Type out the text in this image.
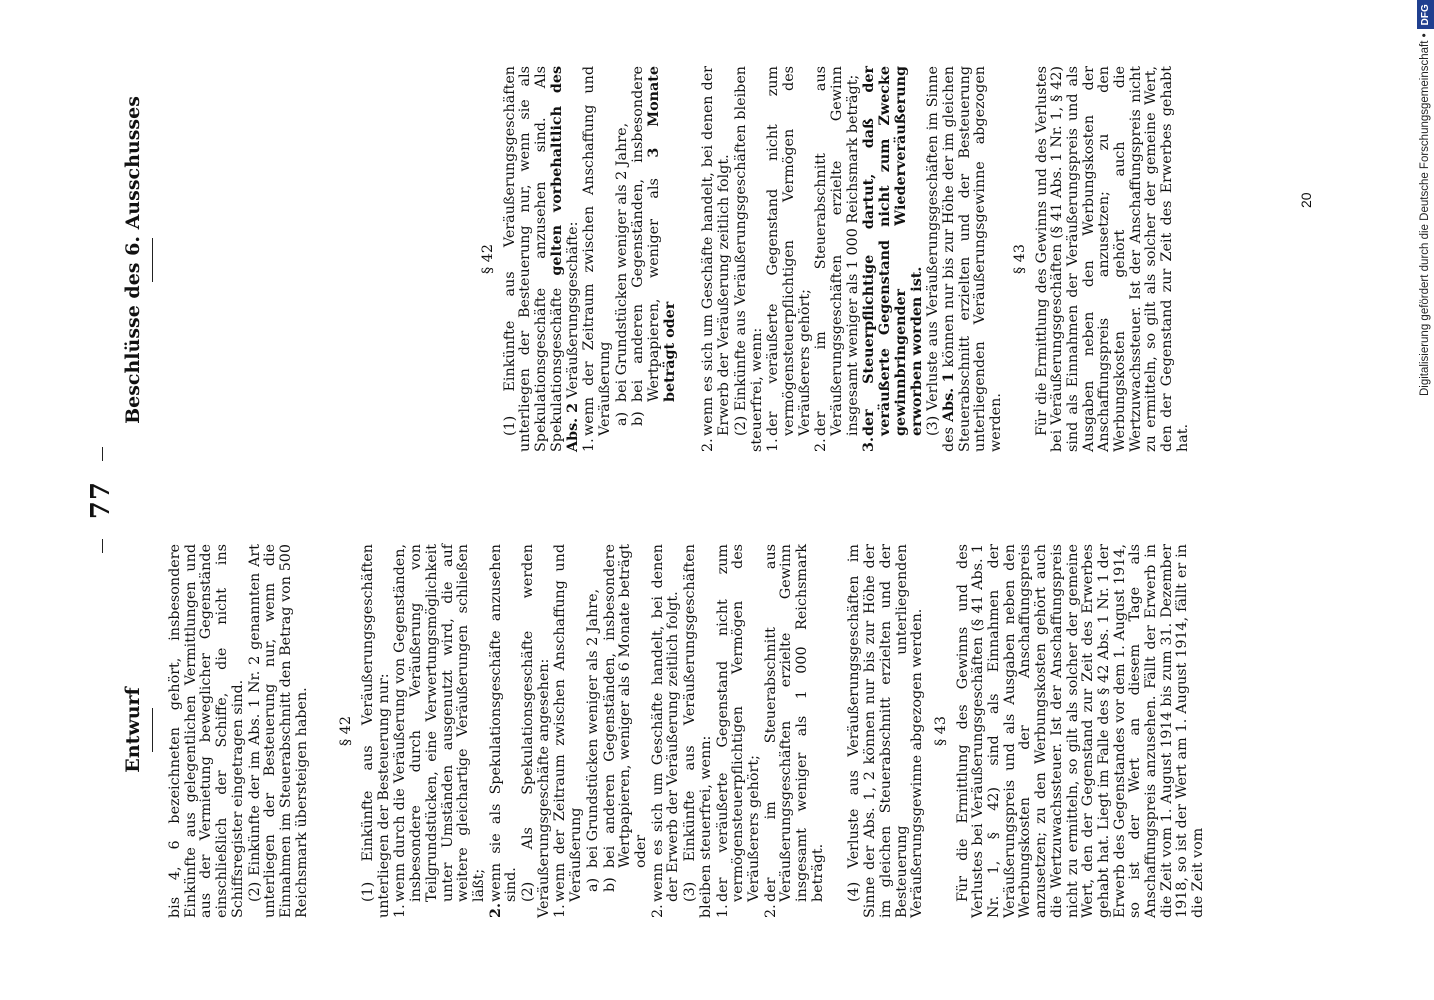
77
Entwurf	bis 4, 6 bezeichneten gehört, insbesondere Einkünfte aus gelegentlichen Vermittlungen und aus der Vermietung beweglicher Gegenstände einschließlich der Schiffe, die nicht ins Schiffsregister eingetragen sind. (2) Einkünfte der im Abs. 1 Nr. 2 genannten Art unterliegen der Besteuerung nur, wenn die Einnahmen im Steuerabschnitt den Betrag von 500 Reichsmark übersteigen haben. § 42 (1) Einkünfte aus Veräußerungsgeschäften unterliegen der Besteuerung nur: 1.
wenn durch die Veräußerung von Gegenständen, insbesondere durch Veräußerung von Teilgrundstücken, eine Verwertungsmöglichkeit unter Umständen ausgenutzt wird, die auf weitere gleichartige Veräußerungen schließen läßt;

2.
wenn sie als Spekulationsgeschäfte anzusehen sind. (2) Als Spekulationsgeschäfte werden Veräußerungsgeschäfte angesehen: 1.
wenn der Zeitraum zwischen Anschaffung und Veräußerung a)
bei Grundstücken weniger als 2 Jahre,

b)
bei anderen Gegenständen, insbesondere Wertpapieren, weniger als 6 Monate beträgt oder

2.
wenn es sich um Geschäfte handelt, bei denen der Erwerb der Veräußerung zeitlich folgt. (3) Einkünfte aus Veräußerungsgeschäften bleiben steuerfrei, wenn: 1.
der veräußerte Gegenstand nicht zum vermögensteuerpflichtigen Vermögen des Veräußerers gehört;

2.
der im Steuerabschnitt aus Veräußerungsgeschäften erzielte Gewinn insgesamt weniger als 1 000 Reichsmark beträgt. (4) Verluste aus Veräußerungsgeschäften im Sinne der Abs. 1, 2 können nur bis zur Höhe der im gleichen Steuerabschnitt erzielten und der Besteuerung unterliegenden Veräußerungsgewinne abgezogen werden. § 43 Für die Ermittlung des Gewinns und des Verlustes bei Veräußerungsgeschäften (§ 41 Abs. 1 Nr. 1, § 42) sind als Einnahmen der Veräußerungspreis und als Ausgaben neben den Werbungskosten der Anschaffungspreis anzusetzen; zu den Werbungskosten gehört auch die Wertzuwachssteuer. Ist der Anschaffungspreis nicht zu ermitteln, so gilt als solcher der gemeine Wert, den der Gegenstand zur Zeit des Erwerbes gehabt hat. Liegt im Falle des § 42 Abs. 1 Nr. 1 der Erwerb des Gegenstandes vor dem 1. August 1914, so ist der Wert an diesem Tage als Anschaffungspreis anzusehen. Fällt der Erwerb in die Zeit vom 1. August 1914 bis zum 31. Dezember 1918, so ist der Wert am 1. August 1914, fällt er in die Zeit vom

Beschlüsse des 6. Ausschusses	§ 42 (1) Einkünfte aus Veräußerungsgeschäften unterliegen der Besteuerung nur, wenn sie als Spekulationsgeschäfte anzusehen sind. Als Spekulationsgeschäfte gelten vorbehaltlich des Abs. 2 Veräußerungsgeschäfte:

1.
wenn der Zeitraum zwischen Anschaffung und Veräußerung a)
bei Grundstücken weniger als 2 Jahre,

b)
bei anderen Gegenständen, insbesondere Wertpapieren, weniger als 3 Monate beträgt oder

2.
wenn es sich um Geschäfte handelt, bei denen der Erwerb der Veräußerung zeitlich folgt. (2) Einkünfte aus Veräußerungsgeschäften bleiben steuerfrei, wenn: 1.
der veräußerte Gegenstand nicht zum vermögensteuerpflichtigen Vermögen des Veräußerers gehört;

2.
der im Steuerabschnitt aus Veräußerungsgeschäften erzielte Gewinn insgesamt weniger als 1 000 Reichsmark beträgt;

3.
der Steuerpflichtige dartut, daß der veräußerte Gegenstand nicht zum Zwecke gewinnbringender Wiederveräußerung erworben worden ist. (3) Verluste aus Veräußerungsgeschäften im Sinne des Abs. 1 können nur bis zur Höhe der im gleichen Steuerabschnitt erzielten und der Besteuerung unterliegenden Veräußerungsgewinne abgezogen werden.

§ 43 Für die Ermittlung des Gewinns und des Verlustes bei Veräußerungsgeschäften (§ 41 Abs. 1 Nr. 1, § 42) sind als Einnahmen der Veräußerungspreis und als Ausgaben neben den Werbungskosten der Anschaffungspreis anzusetzen; zu den Werbungskosten gehört auch die Wertzuwachssteuer. Ist der Anschaffungspreis nicht zu ermitteln, so gilt als solcher der gemeine Wert, den der Gegenstand zur Zeit des Erwerbes gehabt hat.

20	Digitalisierung gefördert durch die Deutsche Forschungsgemeinschaft •DFG
